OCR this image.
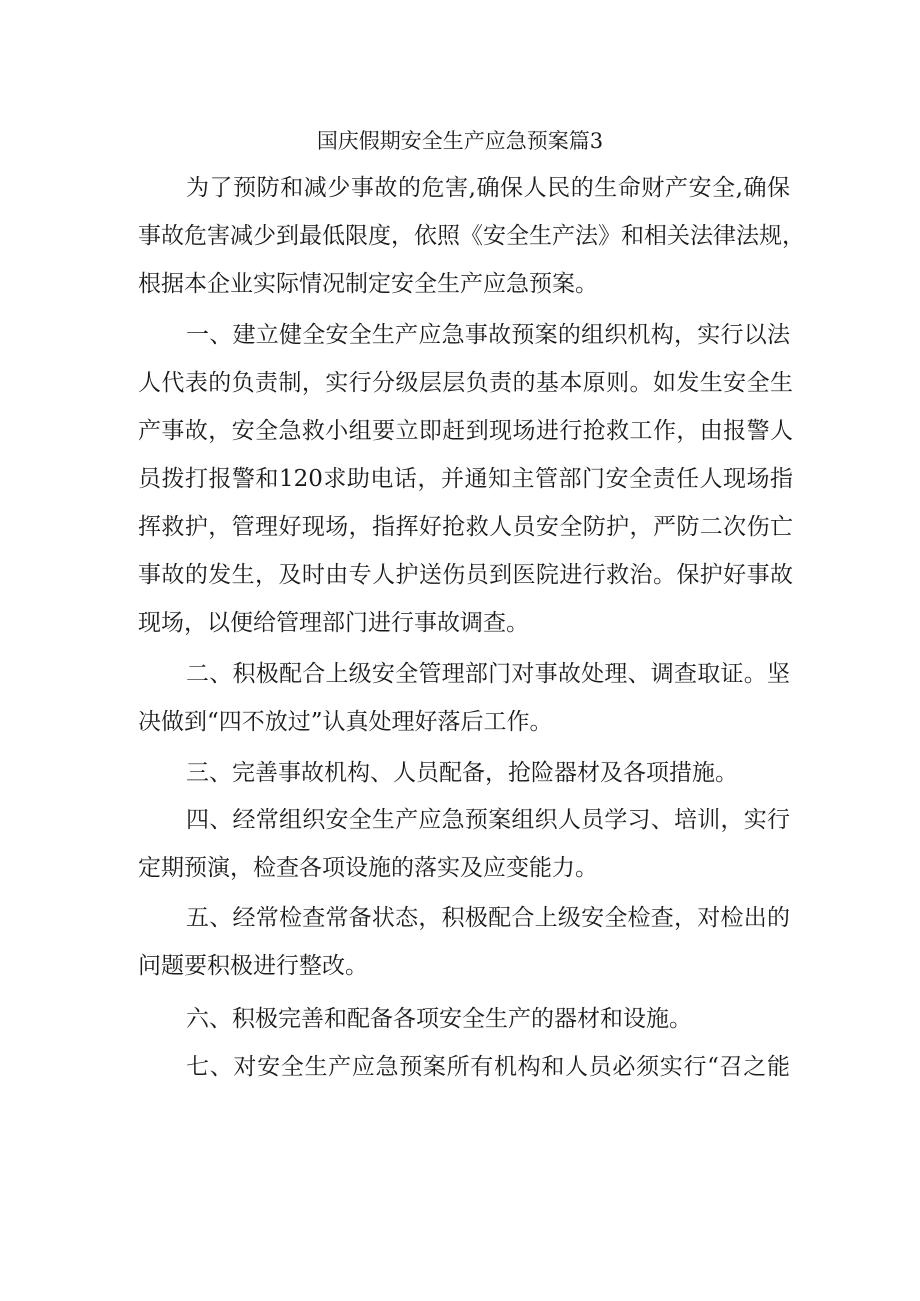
国庆假期安全生产应急预案篇3
为了预防和减少事故的危害,确保人民的生命财产安全,确保
事故危害减少到最低限度，依照《安全生产法》和相关法律法规，
根据本企业实际情况制定安全生产应急预案。
一、建立健全安全生产应急事故预案的组织机构，实行以法
人代表的负责制，实行分级层层负责的基本原则。如发生安全生
产事故，安全急救小组要立即赶到现场进行抢救工作，由报警人
员拨打报警和120求助电话，并通知主管部门安全责任人现场指
挥救护，管理好现场，指挥好抢救人员安全防护，严防二次伤亡
事故的发生，及时由专人护送伤员到医院进行救治。保护好事故
现场，以便给管理部门进行事故调查。
二、积极配合上级安全管理部门对事故处理、调查取证。坚
决做到“四不放过”认真处理好落后工作。
三、完善事故机构、人员配备，抢险器材及各项措施。
四、经常组织安全生产应急预案组织人员学习、培训，实行
定期预演，检查各项设施的落实及应变能力。
五、经常检查常备状态，积极配合上级安全检查，对检出的
问题要积极进行整改。
六、积极完善和配备各项安全生产的器材和设施。
七、对安全生产应急预案所有机构和人员必须实行“召之能
